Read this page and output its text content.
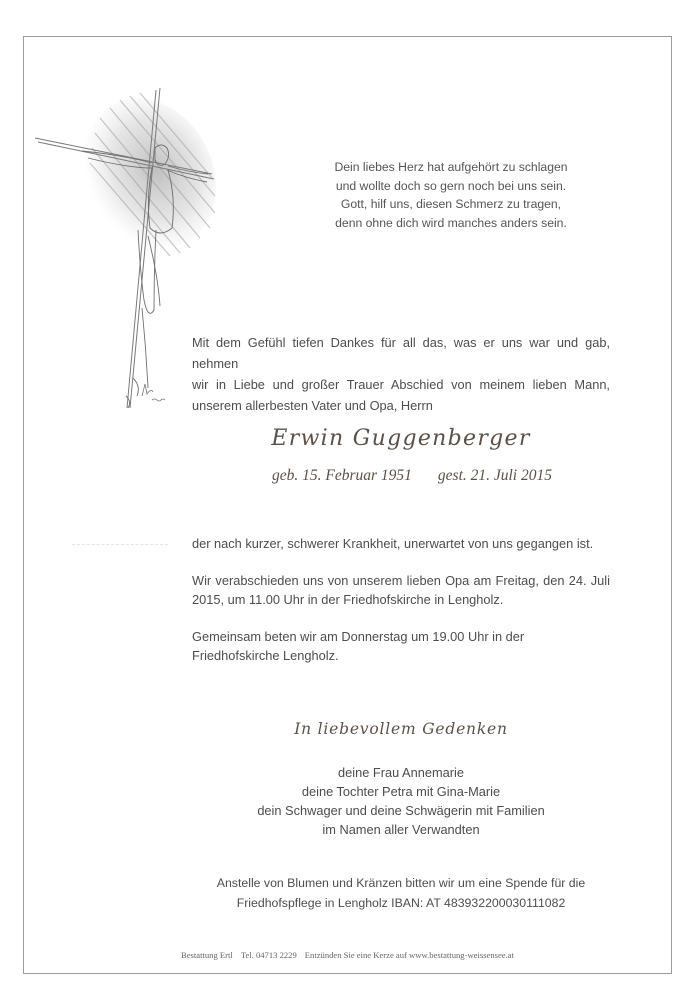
Dein liebes Herz hat aufgehört zu schlagen
und wollte doch so gern noch bei uns sein.
Gott, hilf uns, diesen Schmerz zu tragen,
denn ohne dich wird manches anders sein.
Mit dem Gefühl tiefen Dankes für all das, was er uns war und gab, nehmen
wir in Liebe und großer Trauer Abschied von meinem lieben Mann,
unserem allerbesten Vater und Opa, Herrn
Erwin Guggenberger
geb. 15. Februar 1951 gest. 21. Juli 2015

der nach kurzer, schwerer Krankheit, unerwartet von uns gegangen ist.

Wir verabschieden uns von unserem lieben Opa am Freitag, den 24. Juli 2015, um 11.00 Uhr in der Friedhofskirche in Lengholz.

Gemeinsam beten wir am Donnerstag um 19.00 Uhr in der Friedhofskirche Lengholz.

In liebevollem Gedenken
deine Frau Annemarie
deine Tochter Petra mit Gina-Marie
dein Schwager und deine Schwägerin mit Familien
im Namen aller Verwandten
Anstelle von Blumen und Kränzen bitten wir um eine Spende für die
Friedhofspflege in Lengholz IBAN: AT 483932200030111082
Bestattung Ertl Tel. 04713 2229 Entzünden Sie eine Kerze auf www.bestattung-weissensee.at
